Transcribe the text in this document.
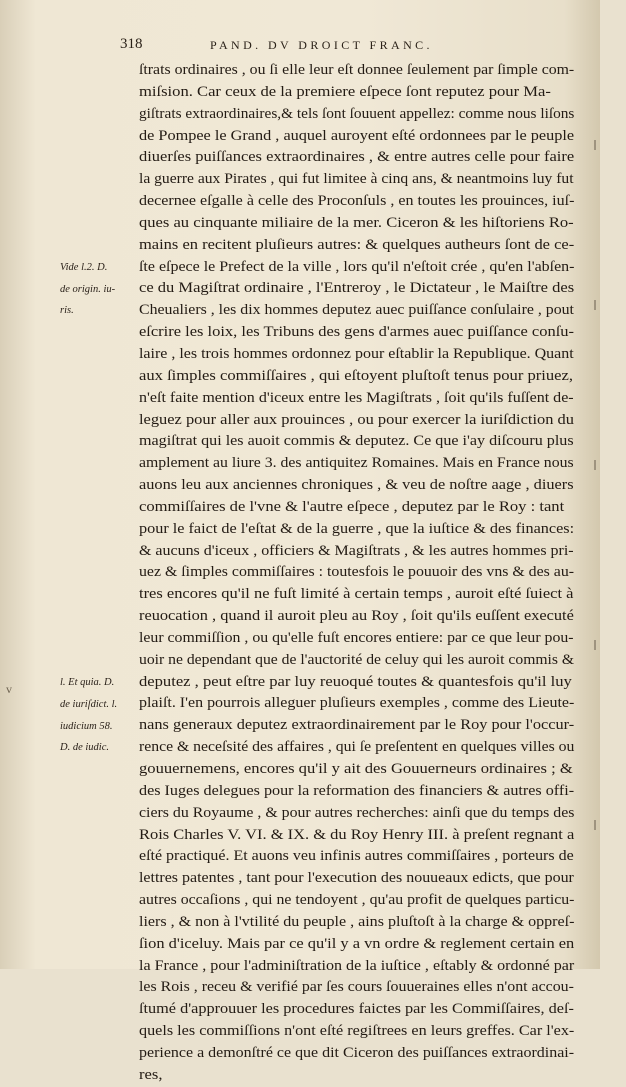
318	PAND. DV DROICT FRANC.
ſtrats ordinaires , ou ſi elle leur eſt donnee ſeulement par ſimple com-
miſsion. Car ceux de la premiere eſpece ſont reputez pour Ma-
giſtrats extraordinaires,& tels ſont ſouuent appellez: comme nous liſons
de Pompee le Grand , auquel auroyent eſté ordonnees par le peuple
diuerſes puiſſances extraordinaires , & entre autres celle pour faire
la guerre aux Pirates , qui fut limitee à cinq ans, & neantmoins luy fut
decernee eſgalle à celle des Proconſuls , en toutes les prouinces, iuſ-
ques au cinquante miliaire de la mer. Ciceron & les hiſtoriens Ro-
mains en recitent pluſieurs autres: & quelques autheurs ſont de ce-
ſte eſpece le Prefect de la ville , lors qu'il n'eſtoit crée , qu'en l'abſen-
ce du Magiſtrat ordinaire , l'Entreroy , le Dictateur , le Maiſtre des
Cheualiers , les dix hommes deputez auec puiſſance conſulaire , pout
eſcrire les loix, les Tribuns des gens d'armes auec puiſſance conſu-
laire , les trois hommes ordonnez pour eſtablir la Republique. Quant
aux ſimples commiſſaires , qui eſtoyent pluſtoſt tenus pour priuez,
n'eſt faite mention d'iceux entre les Magiſtrats , ſoit qu'ils fuſſent de-
leguez pour aller aux prouinces , ou pour exercer la iuriſdiction du
magiſtrat qui les auoit commis & deputez. Ce que i'ay diſcouru plus
amplement au liure 3. des antiquitez Romaines. Mais en France nous
auons leu aux anciennes chroniques , & veu de noſtre aage , diuers
commiſſaires de l'vne & l'autre eſpece , deputez par le Roy : tant
pour le faict de l'eſtat & de la guerre , que la iuſtice & des finances:
& aucuns d'iceux , officiers & Magiſtrats , & les autres hommes pri-
uez & ſimples commiſſaires : toutesfois le pouuoir des vns & des au-
tres encores qu'il ne fuſt limité à certain temps , auroit eſté ſuiect à
reuocation , quand il auroit pleu au Roy , ſoit qu'ils euſſent executé
leur commiſſion , ou qu'elle fuſt encores entiere: par ce que leur pou-
uoir ne dependant que de l'auctorité de celuy qui les auroit commis &
deputez , peut eſtre par luy reuoqué toutes & quantesfois qu'il luy
plaiſt. I'en pourrois alleguer pluſieurs exemples , comme des Lieute-
nans generaux deputez extraordinairement par le Roy pour l'occur-
rence & neceſsité des affaires , qui ſe preſentent en quelques villes ou
gouuernemens, encores qu'il y ait des Gouuerneurs ordinaires ; &
des Iuges delegues pour la reformation des financiers & autres offi-
ciers du Royaume , & pour autres recherches: ainſi que du temps des
Rois Charles V. VI. & IX. & du Roy Henry III. à preſent regnant a
eſté practiqué. Et auons veu infinis autres commiſſaires , porteurs de
lettres patentes , tant pour l'execution des nouueaux edicts, que pour
autres occaſions , qui ne tendoyent , qu'au profit de quelques particu-
liers , & non à l'vtilité du peuple , ains pluſtoſt à la charge & oppreſ-
ſion d'iceluy. Mais par ce qu'il y a vn ordre & reglement certain en
la France , pour l'adminiſtration de la iuſtice , eſtably & ordonné par
les Rois , receu & verifié par ſes cours ſouueraines elles n'ont accou-
ſtumé d'approuuer les procedures faictes par les Commiſſaires, deſ-
quels les commiſſions n'ont eſté regiſtrees en leurs greffes. Car l'ex-
perience a demonſtré ce que dit Ciceron des puiſſances extraordinai-
res,
Vide l.2. D.
de origin. iu-
ris.
l. Et quia. D.
de iuriſdict. l.
iudicium 58.
D. de iudic.
v
